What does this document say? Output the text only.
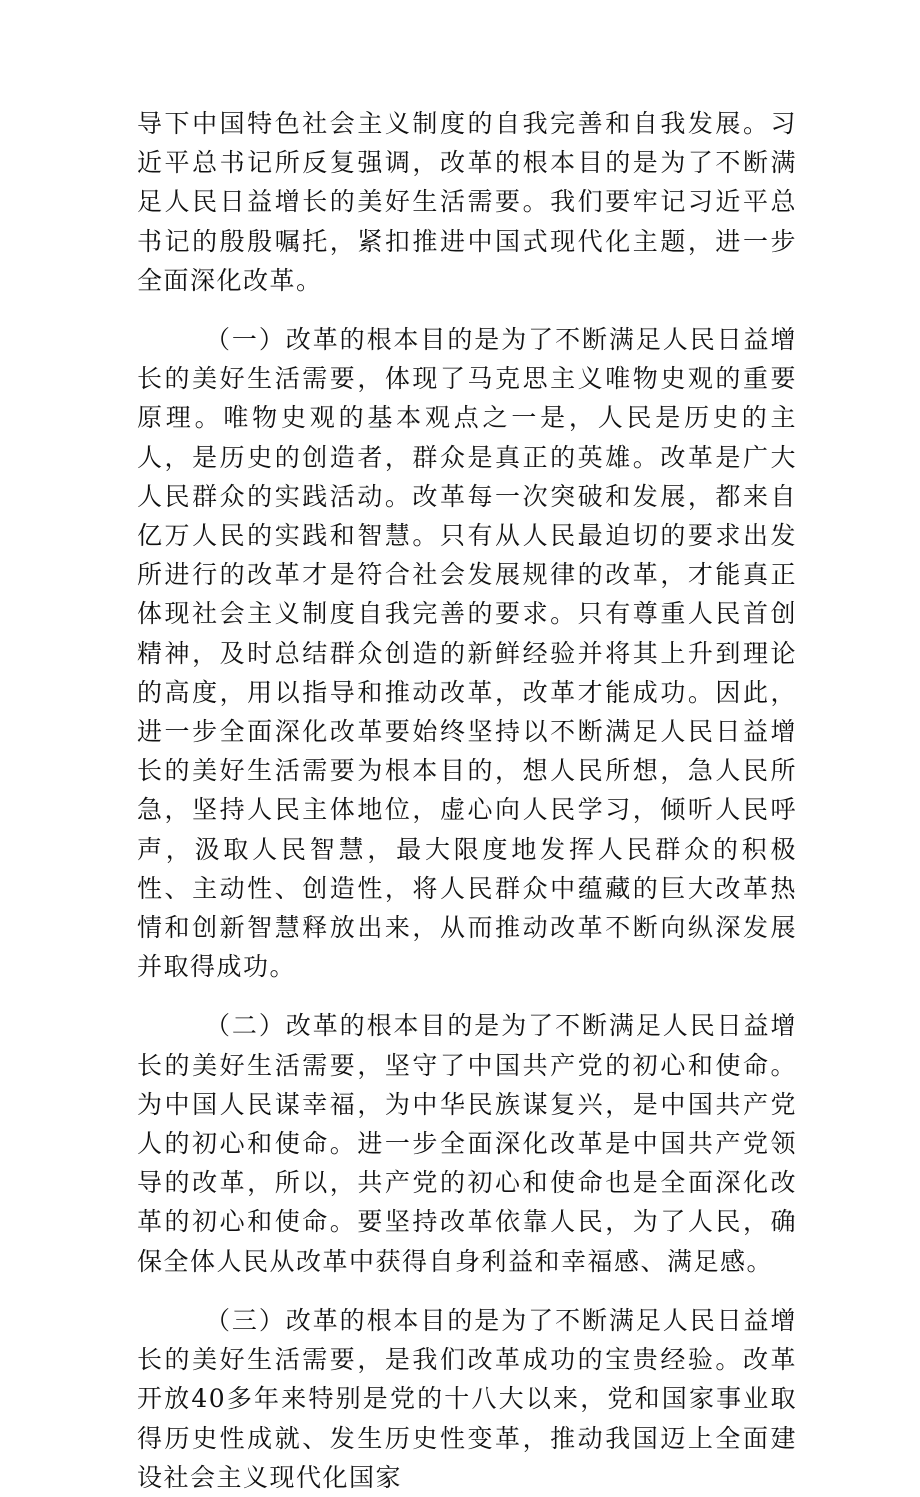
导下中国特色社会主义制度的自我完善和自我发展。习近平总书记所反复强调，改革的根本目的是为了不断满足人民日益增长的美好生活需要。我们要牢记习近平总书记的殷殷嘱托，紧扣推进中国式现代化主题，进一步全面深化改革。

（一）改革的根本目的是为了不断满足人民日益增长的美好生活需要，体现了马克思主义唯物史观的重要原理。唯物史观的基本观点之一是，人民是历史的主人，是历史的创造者，群众是真正的英雄。改革是广大人民群众的实践活动。改革每一次突破和发展，都来自亿万人民的实践和智慧。只有从人民最迫切的要求出发所进行的改革才是符合社会发展规律的改革，才能真正体现社会主义制度自我完善的要求。只有尊重人民首创精神，及时总结群众创造的新鲜经验并将其上升到理论的高度，用以指导和推动改革，改革才能成功。因此，进一步全面深化改革要始终坚持以不断满足人民日益增长的美好生活需要为根本目的，想人民所想，急人民所急，坚持人民主体地位，虚心向人民学习，倾听人民呼声，汲取人民智慧，最大限度地发挥人民群众的积极性、主动性、创造性，将人民群众中蕴藏的巨大改革热情和创新智慧释放出来，从而推动改革不断向纵深发展并取得成功。

（二）改革的根本目的是为了不断满足人民日益增长的美好生活需要，坚守了中国共产党的初心和使命。为中国人民谋幸福，为中华民族谋复兴，是中国共产党人的初心和使命。进一步全面深化改革是中国共产党领导的改革，所以，共产党的初心和使命也是全面深化改革的初心和使命。要坚持改革依靠人民，为了人民，确保全体人民从改革中获得自身利益和幸福感、满足感。

（三）改革的根本目的是为了不断满足人民日益增长的美好生活需要，是我们改革成功的宝贵经验。改革开放40多年来特别是党的十八大以来，党和国家事业取得历史性成就、发生历史性变革，推动我国迈上全面建设社会主义现代化国家
